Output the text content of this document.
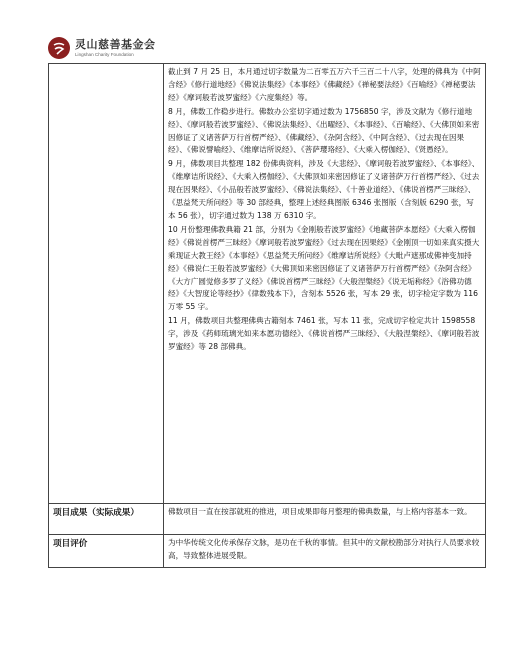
灵山慈善基金会
Lingshan Charity Foundation

	截止到 7 月 25 日，本月通过切字数量为二百零五万六千三百二十八字，处理的佛典为《中阿含经》《修行道地经》《佛说法集经》《本事经》《佛藏经》《禅秘要法经》《百喻经》《禅秘要法经》《摩诃般若波罗蜜经》《六度集经》等。

8 月，佛数工作稳步进行。佛数办公室切字通过数为 1756850 字，涉及文献为《修行道地经》、《摩诃般若波罗蜜经》、《佛说法集经》、《出曜经》、《本事经》、《百喻经》、《大佛顶如来密因修证了义诸菩萨万行首楞严经》、《佛藏经》、《杂阿含经》、《中阿含经》、《过去现在因果经》、《佛说譬喻经》、《维摩诘所说经》、《菩萨璎珞经》、《大乘入楞伽经》、《贤愚经》。

9 月，佛数项目共整理 182 份佛典资料，涉及《大悲经》、《摩诃般若波罗蜜经》、《本事经》、《维摩诘所说经》、《大乘入楞伽经》、《大佛顶如来密因修证了义诸菩萨万行首楞严经》、《过去现在因果经》、《小品般若波罗蜜经》、《佛说法集经》、《十善业道经》、《佛说首楞严三昧经》、《思益梵天所问经》等 30 部经典，整理上述经典图版 6346 张图版（含刻版 6290 张，写本 56 张），切字通过数为 138 万 6310 字。

10 月份整理佛教典籍 21 部，分别为《金刚般若波罗蜜经》《地藏菩萨本愿经》《大乘入楞伽经》《佛说首楞严三昧经》《摩诃般若波罗蜜经》《过去现在因果经》《金刚顶一切如来真实摄大乘现证大教王经》《本事经》《思益梵天所问经》《维摩诘所说经》《大毗卢遮那成佛神变加持经》《佛说仁王般若波罗蜜经》《大佛顶如来密因修证了义诸菩萨万行首楞严经》《杂阿含经》《大方广圆觉修多罗了义经》《佛说首楞严三昧经》《大般涅槃经》《说无垢称经》《浴佛功德经》《大智度论等经抄》《律数残本下》，含刻本 5526 张，写本 29 张，切字检定字数为 116 万零 55 字。

11 月，佛数项目共整理佛典古籍刻本 7461 张，写本 11 张，完成切字检定共计 1598558 字，涉及《药师琉璃光如来本愿功德经》、《佛说首楞严三昧经》、《大般涅槃经》、《摩诃般若波罗蜜经》等 28 部佛典。

项目成果（实际成果）	佛数项目一直在按部就班的推进，项目成果即每月整理的佛典数量，与上格内容基本一致。

项目评价	为中华传统文化传承保存文脉，是功在千秋的事情。但其中的文献校勘部分对执行人员要求较高，导致整体进展受限。
